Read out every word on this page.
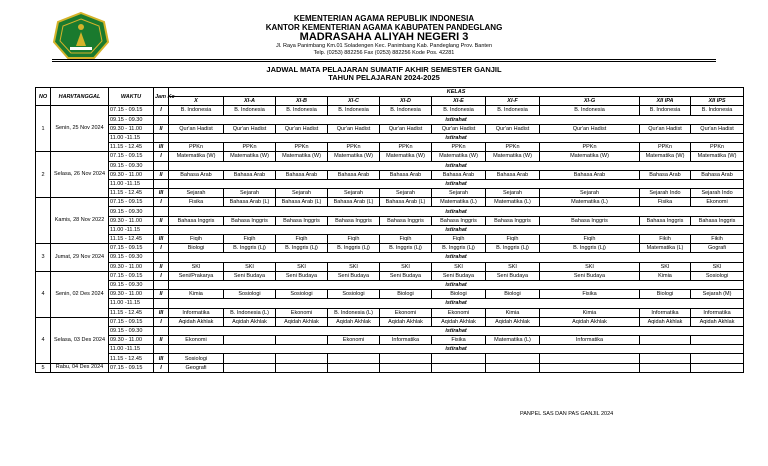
KEMENTERIAN AGAMA REPUBLIK INDONESIA
KANTOR KEMENTERIAN AGAMA KABUPATEN PANDEGLANG
MADRASAHA ALIYAH NEGERI 3
Jl. Raya Panimbang Km.01 Soladengen Kec. Panimbang Kab. Pandeglang Prov. Banten
Telp. (0253) 882256 Fax (0253) 882256 Kode Pos. 42281
JADWAL MATA PELAJARAN SUMATIF AKHIR SEMESTER GANJIL
TAHUN PELAJARAN 2024-2025
NO	HARI/TANGGAL	WAKTU	Jam Ke	KELAS									
				X	XI-A	XI-B	XI-C	XI-D	XI-E	XI-F	XI-G	XII IPA	XII IPS
1	Senin, 25 Nov 2024	07.15 - 09.15	I	B. Indonesia	B. Indonesia	B. Indonesia	B. Indonesia	B. Indonesia	B. Indonesia	B. Indonesia	B. Indonesia	B. Indonesia	B. Indonesia
		09.15 - 09.30		istirahat									
		09.30 - 11.00	II	Qur'an Hadist	Qur'an Hadist	Qur'an Hadist	Qur'an Hadist	Qur'an Hadist	Qur'an Hadist	Qur'an Hadist	Qur'an Hadist	Qur'an Hadist	Qur'an Hadist
		11.00 -11.15		istirahat									
		11.15 - 12.45	III	PPKn	PPKn	PPKn	PPKn	PPKn	PPKn	PPKn	PPKn	PPKn	PPKn
2	Selasa, 26 Nov 2024	07.15 - 09.15	I	Matematika (W)	Matematika (W)	Matematika (W)	Matematika (W)	Matematika (W)	Matematika (W)	Matematika (W)	Matematika (W)	Matematika (W)	Matematika (W)
		09.15 - 09.30		istirahat									
		09.30 - 11.00	II	Bahasa Arab	Bahasa Arab	Bahasa Arab	Bahasa Arab	Bahasa Arab	Bahasa Arab	Bahasa Arab	Bahasa Arab	Bahasa Arab	Bahasa Arab
		11.00 -11.15		istirahat									
		11.15 - 12.45	III	Sejarah	Sejarah	Sejarah	Sejarah	Sejarah	Sejarah	Sejarah	Sejarah	Sejarah Indo	Sejarah Indo
	Kamis, 28 Nov 2022	07.15 - 09.15	I	Fisika	Bahasa Arab (L)	Bahasa Arab (L)	Bahasa Arab (L)	Bahasa Arab (L)	Matematika (L)	Matematika (L)	Matematika (L)	Fisika	Ekonomi
		09.15 - 09.30		istirahat									
		09.30 - 11.00	II	Bahasa Inggris	Bahasa Inggris	Bahasa Inggris	Bahasa Inggris	Bahasa Inggris	Bahasa Inggris	Bahasa Inggris	Bahasa Inggris	Bahasa Inggris	Bahasa Inggris
		11.00 -11.15		istirahat									
		11.15 - 12.45	III	Fiqih	Fiqih	Fiqih	Fiqih	Fiqih	Fiqih	Fiqih	Fiqih	Fikih	Fikih
3	Jumat, 29 Nov 2024	07.15 - 09.15	I	Biologi	B. Inggris (Lj)	B. Inggris (Lj)	B. Inggris (Lj)	B. Inggris (Lj)	B. Inggris (Lj)	B. Inggris (Lj)	B. Inggris (Lj)	Matematika (L)	Gografi
		09.15 - 09.30		istirahat									
		09.30 - 11.00	II	SKI	SKI	SKI	SKI	SKI	SKI	SKI	SKI	SKI	SKI
4	Senin, 02 Des 2024	07.15 - 09.15	I	Seni/Prakarya	Seni Budaya	Seni Budaya	Seni Budaya	Seni Budaya	Seni Budaya	Seni Budaya	Seni Budaya	Kimia	Sosiologi
		09.15 - 09.30		istirahat									
		09.30 - 11.00	II	Kimia	Sosiologi	Sosiologi	Sosiologi	Biologi	Biologi	Biologi	Fisika	Biologi	Sejarah (M)
		11.00 -11.15		istirahat									
		11.15 - 12.45	III	Informatika	B. Indonesia (L)	Ekonomi	B. Indonesia (L)	Ekonomi	Ekonomi	Kimia	Kimia	Informatika	Informatika
4	Selasa, 03 Des 2024	07.15 - 09.15	I	Aqidah Akhlak	Aqidah Akhlak	Aqidah Akhlak	Aqidah Akhlak	Aqidah Akhlak	Aqidah Akhlak	Aqidah Akhlak	Aqidah Akhlak	Aqidah Akhlak	Aqidah Akhlak
		09.15 - 09.30		istirahat									
		09.30 - 11.00	II	Ekonomi			Ekonomi	Informatika	Fisika	Matematika (L)	Informatika		
		11.00 -11.15		istirahat									
		11.15 - 12.45	III	Sosiologi									
5	Rabu, 04 Des 2024	07.15 - 09.15	I	Geografi									
PANPEL SAS DAN PAS GANJIL 2024
